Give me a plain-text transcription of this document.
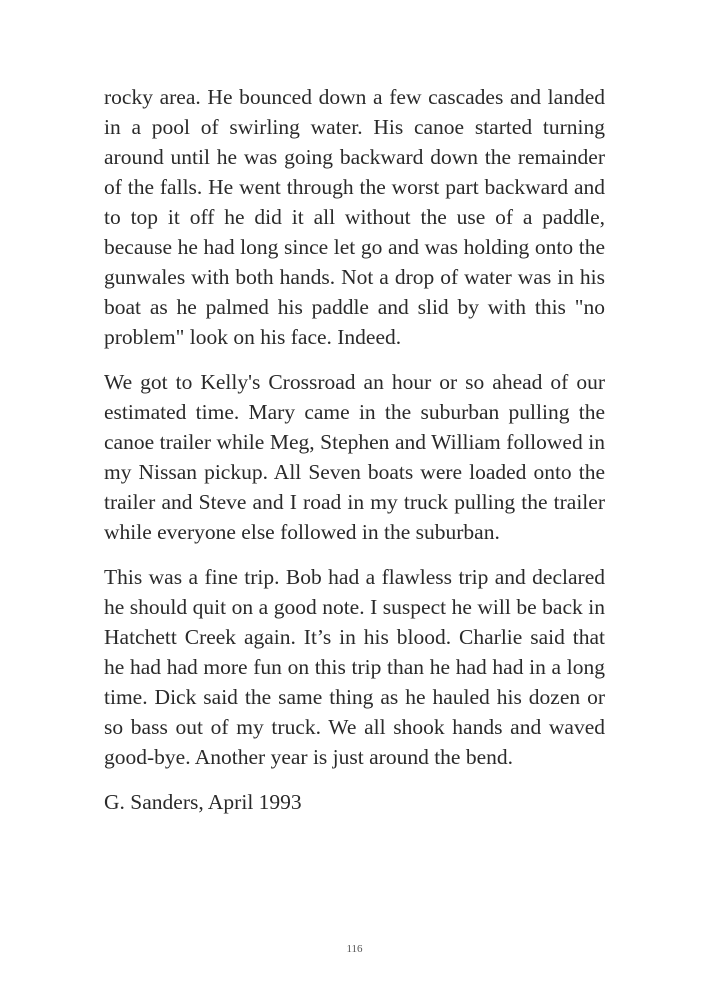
rocky area. He bounced down a few cascades and landed in a pool of swirling water. His canoe started turning around until he was going backward down the remainder of the falls. He went through the worst part backward and to top it off he did it all without the use of a paddle, because he had long since let go and was holding onto the gunwales with both hands. Not a drop of water was in his boat as he palmed his paddle and slid by with this "no problem" look on his face. Indeed.

We got to Kelly's Crossroad an hour or so ahead of our estimated time. Mary came in the suburban pulling the canoe trailer while Meg, Stephen and William followed in my Nissan pickup. All Seven boats were loaded onto the trailer and Steve and I road in my truck pulling the trailer while everyone else followed in the suburban.

This was a fine trip. Bob had a flawless trip and declared he should quit on a good note. I suspect he will be back in Hatchett Creek again. It’s in his blood. Charlie said that he had had more fun on this trip than he had had in a long time. Dick said the same thing as he hauled his dozen or so bass out of my truck. We all shook hands and waved good-bye. Another year is just around the bend.

G. Sanders, April 1993

116
